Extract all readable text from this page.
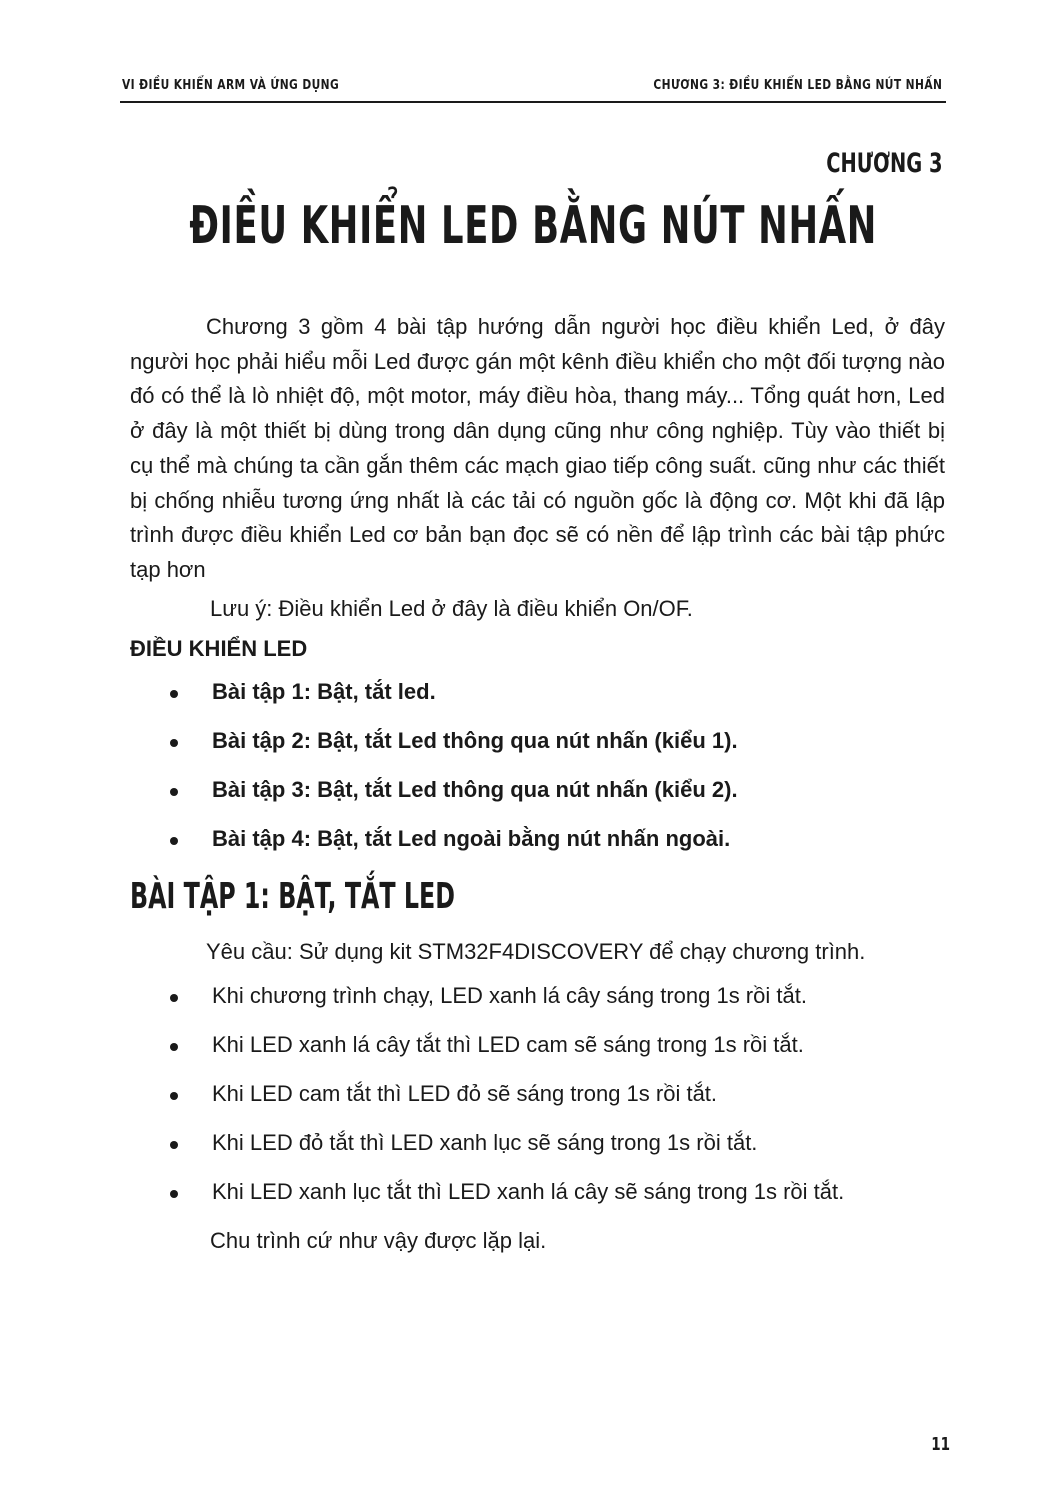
VI ĐIỀU KHIỂN ARM VÀ ỨNG DỤNG	CHƯƠNG 3: ĐIỀU KHIỂN LED BẰNG NÚT NHẤN
CHƯƠNG 3
ĐIỀU KHIỂN LED BẰNG NÚT NHẤN

Chương 3 gồm 4 bài tập hướng dẫn người học điều khiển Led, ở đây người học phải hiểu mỗi Led được gán một kênh điều khiển cho một đối tượng nào đó có thể là lò nhiệt độ, một motor, máy điều hòa, thang máy... Tổng quát hơn, Led ở đây là một thiết bị dùng trong dân dụng cũng như công nghiệp. Tùy vào thiết bị cụ thể mà chúng ta cần gắn thêm các mạch giao tiếp công suất. cũng như các thiết bị chống nhiễu tương ứng nhất là các tải có nguồn gốc là động cơ. Một khi đã lập trình được điều khiển Led cơ bản bạn đọc sẽ có nền để lập trình các bài tập phức tạp hơn

Lưu ý: Điều khiển Led ở đây là điều khiển On/OF.

ĐIỀU KHIỂN LED

Bài tập 1: Bật, tắt led.
Bài tập 2: Bật, tắt Led thông qua nút nhấn (kiểu 1).
Bài tập 3: Bật, tắt Led thông qua nút nhấn (kiểu 2).
Bài tập 4: Bật, tắt Led ngoài bằng nút nhấn ngoài.
BÀI TẬP 1: BẬT, TẮT LED

Yêu cầu: Sử dụng kit STM32F4DISCOVERY để chạy chương trình.

Khi chương trình chạy, LED xanh lá cây sáng trong 1s rồi tắt.
Khi LED xanh lá cây tắt thì LED cam sẽ sáng trong 1s rồi tắt.
Khi LED cam tắt thì LED đỏ sẽ sáng trong 1s rồi tắt.
Khi LED đỏ tắt thì LED xanh lục sẽ sáng trong 1s rồi tắt.
Khi LED xanh lục tắt thì LED xanh lá cây sẽ sáng trong 1s rồi tắt.

Chu trình cứ như vậy được lặp lại.

11
